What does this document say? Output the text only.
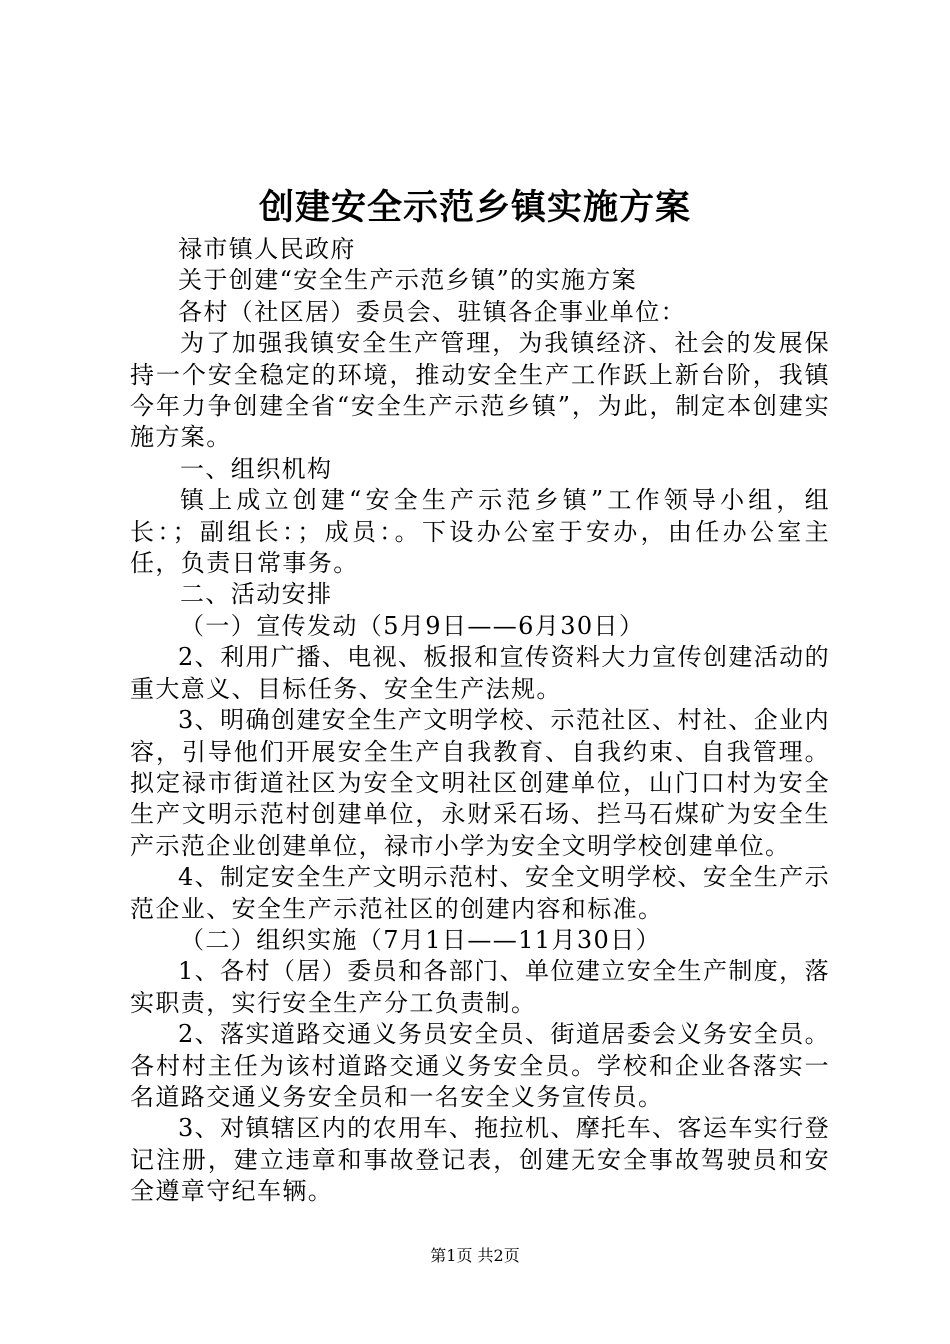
创建安全示范乡镇实施方案

禄市镇人民政府

关于创建“安全生产示范乡镇”的实施方案

各村（社区居）委员会、驻镇各企事业单位：

为了加强我镇安全生产管理，为我镇经济、社会的发展保持一个安全稳定的环境，推动安全生产工作跃上新台阶，我镇今年力争创建全省“安全生产示范乡镇”，为此，制定本创建实施方案。

一、组织机构

镇上成立创建“安全生产示范乡镇”工作领导小组，组长：；副组长：；成员：。下设办公室于安办，由任办公室主任，负责日常事务。

二、活动安排

（一）宣传发动（5月9日——6月30日）

2、利用广播、电视、板报和宣传资料大力宣传创建活动的重大意义、目标任务、安全生产法规。

3、明确创建安全生产文明学校、示范社区、村社、企业内容，引导他们开展安全生产自我教育、自我约束、自我管理。拟定禄市街道社区为安全文明社区创建单位，山门口村为安全生产文明示范村创建单位，永财采石场、拦马石煤矿为安全生产示范企业创建单位，禄市小学为安全文明学校创建单位。

4、制定安全生产文明示范村、安全文明学校、安全生产示范企业、安全生产示范社区的创建内容和标准。

（二）组织实施（7月1日——11月30日）

1、各村（居）委员和各部门、单位建立安全生产制度，落实职责，实行安全生产分工负责制。

2、落实道路交通义务员安全员、街道居委会义务安全员。各村村主任为该村道路交通义务安全员。学校和企业各落实一名道路交通义务安全员和一名安全义务宣传员。

3、对镇辖区内的农用车、拖拉机、摩托车、客运车实行登记注册，建立违章和事故登记表，创建无安全事故驾驶员和安全遵章守纪车辆。

第1页 共2页
